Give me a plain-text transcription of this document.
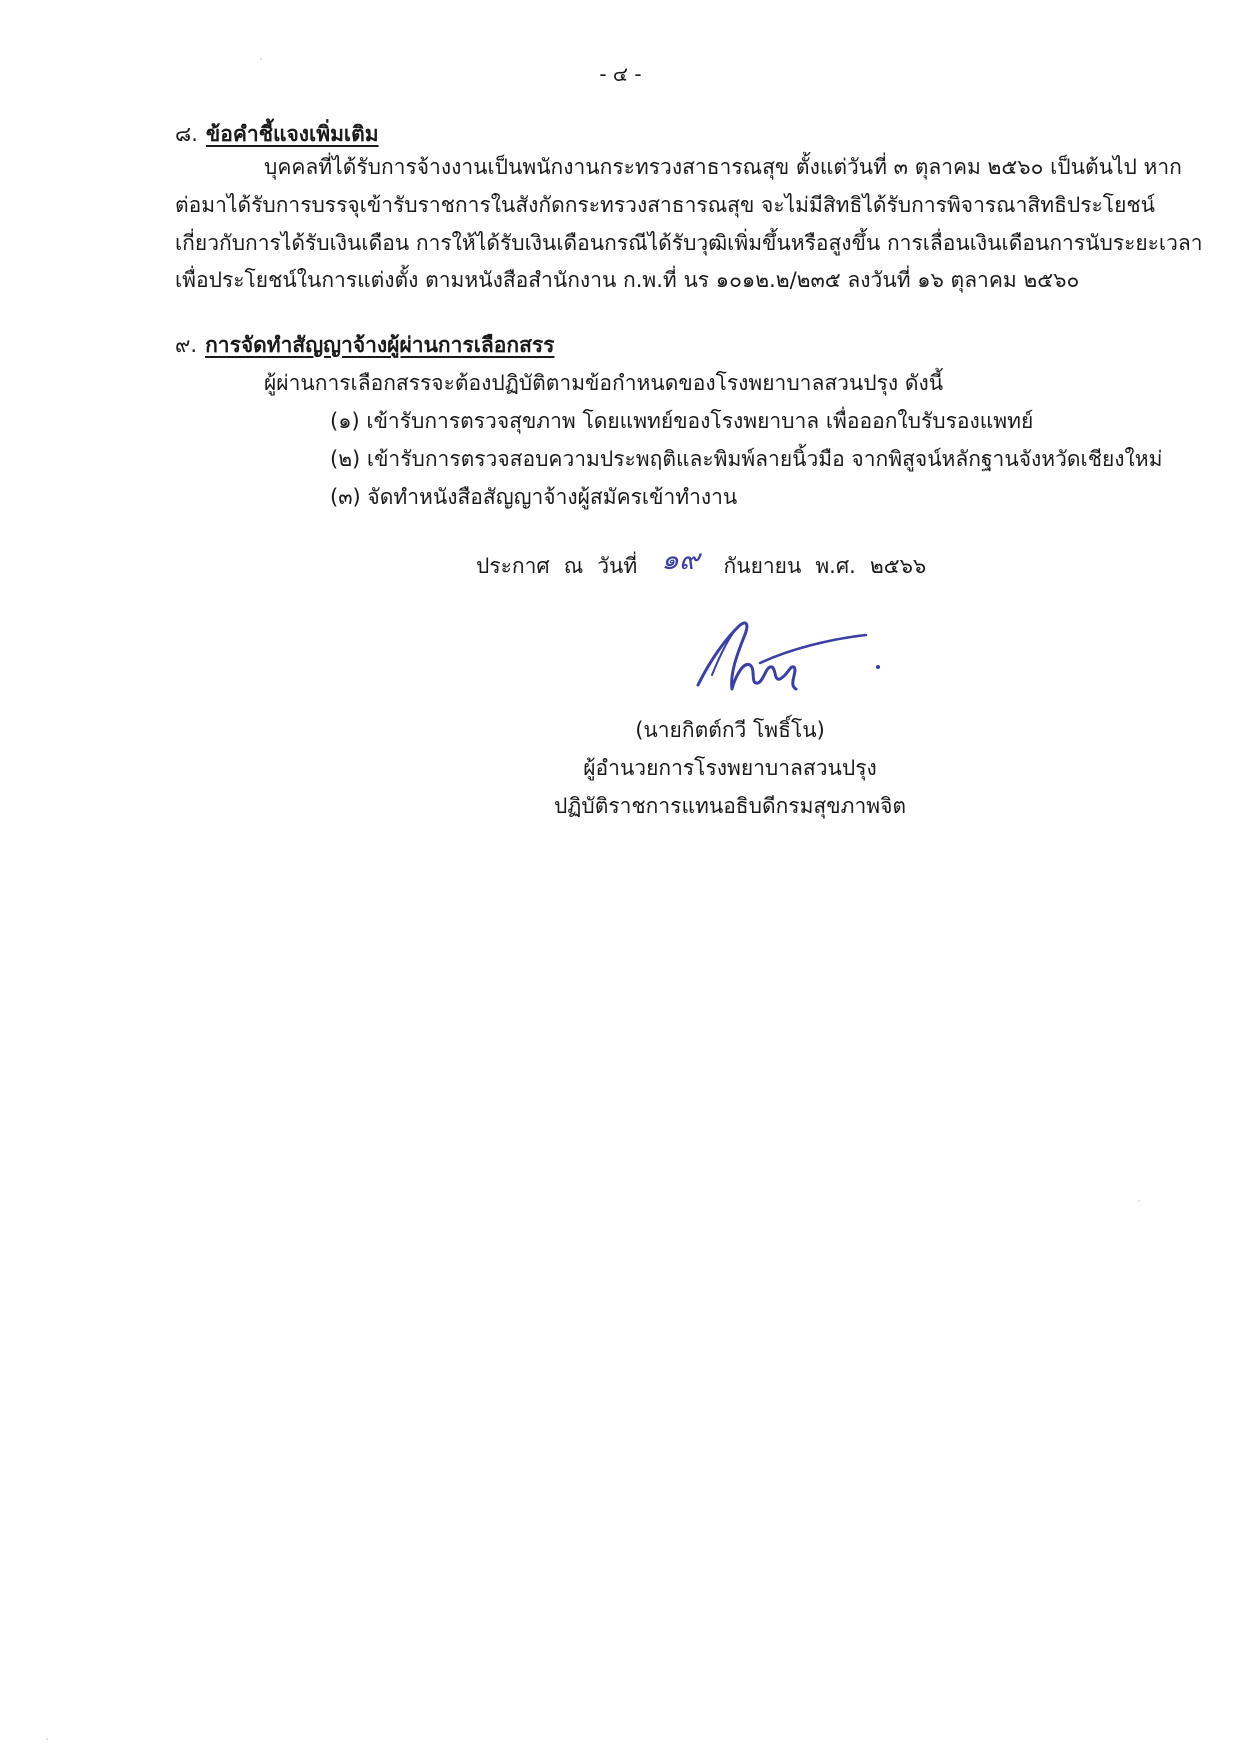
- ๔ -
๘. ข้อคำชี้แจงเพิ่มเติม
บุคคลที่ได้รับการจ้างงานเป็นพนักงานกระทรวงสาธารณสุข ตั้งแต่วันที่ ๓ ตุลาคม ๒๕๖๐ เป็นต้นไป หาก
ต่อมาได้รับการบรรจุเข้ารับราชการในสังกัดกระทรวงสาธารณสุข จะไม่มีสิทธิได้รับการพิจารณาสิทธิประโยชน์
เกี่ยวกับการได้รับเงินเดือน การให้ได้รับเงินเดือนกรณีได้รับวุฒิเพิ่มขึ้นหรือสูงขึ้น การเลื่อนเงินเดือนการนับระยะเวลา
เพื่อประโยชน์ในการแต่งตั้ง ตามหนังสือสำนักงาน ก.พ.ที่ นร ๑๐๑๒.๒/๒๓๕ ลงวันที่ ๑๖ ตุลาคม ๒๕๖๐
๙. การจัดทำสัญญาจ้างผู้ผ่านการเลือกสรร
ผู้ผ่านการเลือกสรรจะต้องปฏิบัติตามข้อกำหนดของโรงพยาบาลสวนปรุง ดังนี้
(๑) เข้ารับการตรวจสุขภาพ โดยแพทย์ของโรงพยาบาล เพื่อออกใบรับรองแพทย์
(๒) เข้ารับการตรวจสอบความประพฤติและพิมพ์ลายนิ้วมือ จากพิสูจน์หลักฐานจังหวัดเชียงใหม่
(๓) จัดทำหนังสือสัญญาจ้างผู้สมัครเข้าทำงาน
ประกาศ ณ วันที่ ๑๙ กันยายน พ.ศ. ๒๕๖๖
(นายกิตต์กวี โพธิ์โน)
ผู้อำนวยการโรงพยาบาลสวนปรุง
ปฏิบัติราชการแทนอธิบดีกรมสุขภาพจิต
